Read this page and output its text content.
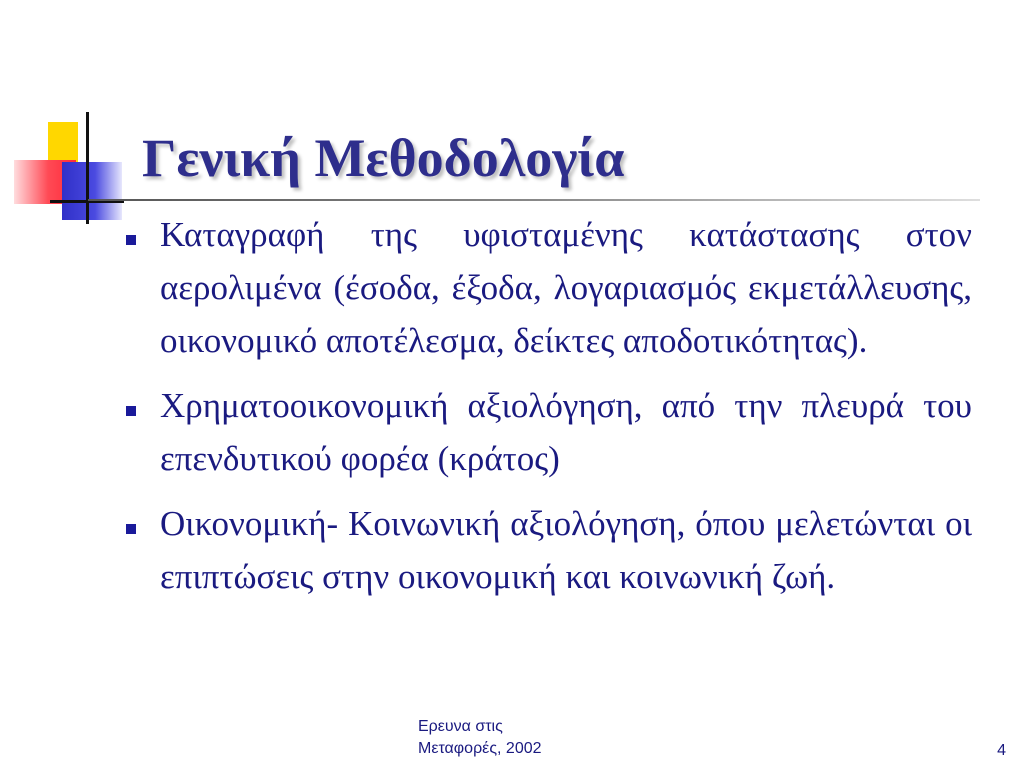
Γενική Μεθοδολογία
Καταγραφή της υφισταμένης κατάστασης στον αερολιμένα (έσοδα, έξοδα, λογαριασμός εκμετάλλευσης, οικονομικό αποτέλεσμα, δείκτες αποδοτικότητας).
Χρηματοοικονομική αξιολόγηση, από την πλευρά του επενδυτικού φορέα (κράτος)
Οικονομική- Κοινωνική αξιολόγηση, όπου μελετώνται οι επιπτώσεις στην οικονομική και κοινωνική ζωή.
Ερευνα στις
Μεταφορές, 2002	4
